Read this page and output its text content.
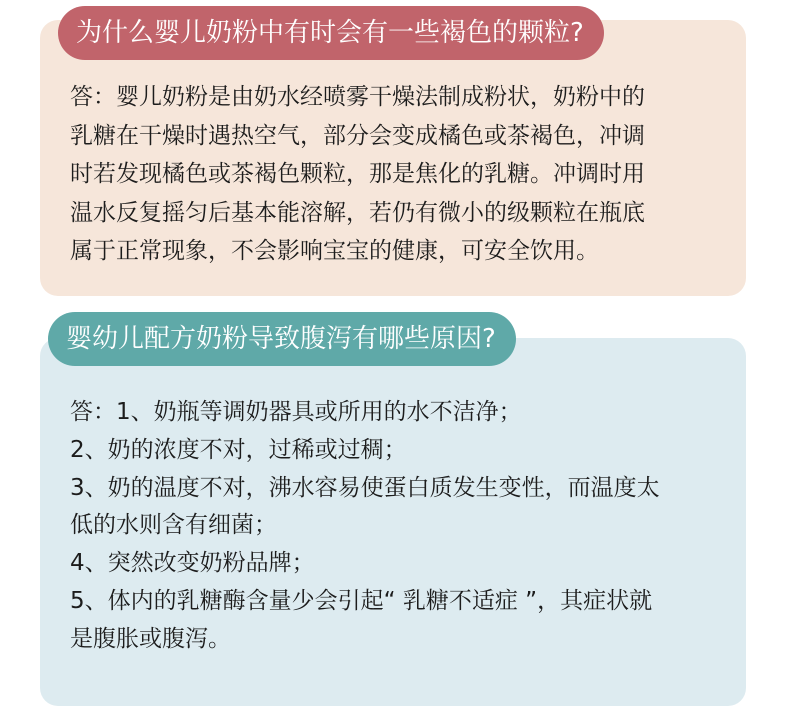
为什么婴儿奶粉中有时会有一些褐色的颗粒?
答：婴儿奶粉是由奶水经喷雾干燥法制成粉状，奶粉中的
乳糖在干燥时遇热空气，部分会变成橘色或茶褐色，冲调
时若发现橘色或茶褐色颗粒，那是焦化的乳糖。冲调时用
温水反复摇匀后基本能溶解，若仍有微小的级颗粒在瓶底
属于正常现象，不会影响宝宝的健康，可安全饮用。
婴幼儿配方奶粉导致腹泻有哪些原因?
答：1、奶瓶等调奶器具或所用的水不洁净；
2、奶的浓度不对，过稀或过稠；
3、奶的温度不对，沸水容易使蛋白质发生变性，而温度太
低的水则含有细菌；
4、突然改变奶粉品牌；
5、体内的乳糖酶含量少会引起“ 乳糖不适症 ”，其症状就
是腹胀或腹泻。
